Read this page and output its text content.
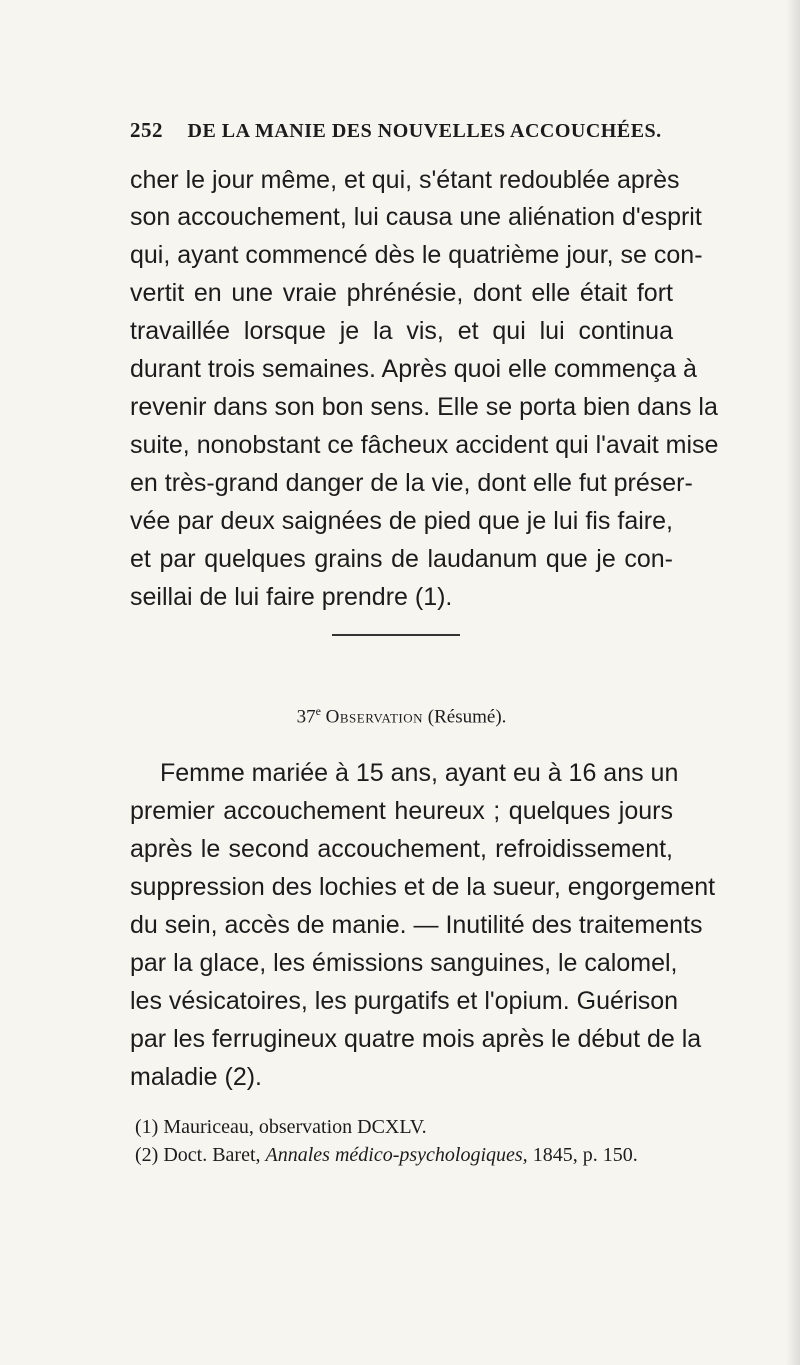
252 DE LA MANIE DES NOUVELLES ACCOUCHÉES.
cher le jour même, et qui, s'étant redoublée après
son accouchement, lui causa une aliénation d'esprit
qui, ayant commencé dès le quatrième jour, se con-
vertit en une vraie phrénésie, dont elle était fort
travaillée lorsque je la vis, et qui lui continua
durant trois semaines. Après quoi elle commença à
revenir dans son bon sens. Elle se porta bien dans la
suite, nonobstant ce fâcheux accident qui l'avait mise
en très-grand danger de la vie, dont elle fut préser-
vée par deux saignées de pied que je lui fis faire,
et par quelques grains de laudanum que je con-
seillai de lui faire prendre (1).
37e Observation (Résumé).
Femme mariée à 15 ans, ayant eu à 16 ans un
premier accouchement heureux ; quelques jours
après le second accouchement, refroidissement,
suppression des lochies et de la sueur, engorgement
du sein, accès de manie. — Inutilité des traitements
par la glace, les émissions sanguines, le calomel,
les vésicatoires, les purgatifs et l'opium. Guérison
par les ferrugineux quatre mois après le début de la
maladie (2).
(1) Mauriceau, observation DCXLV.
(2) Doct. Baret, Annales médico-psychologiques, 1845, p. 150.
